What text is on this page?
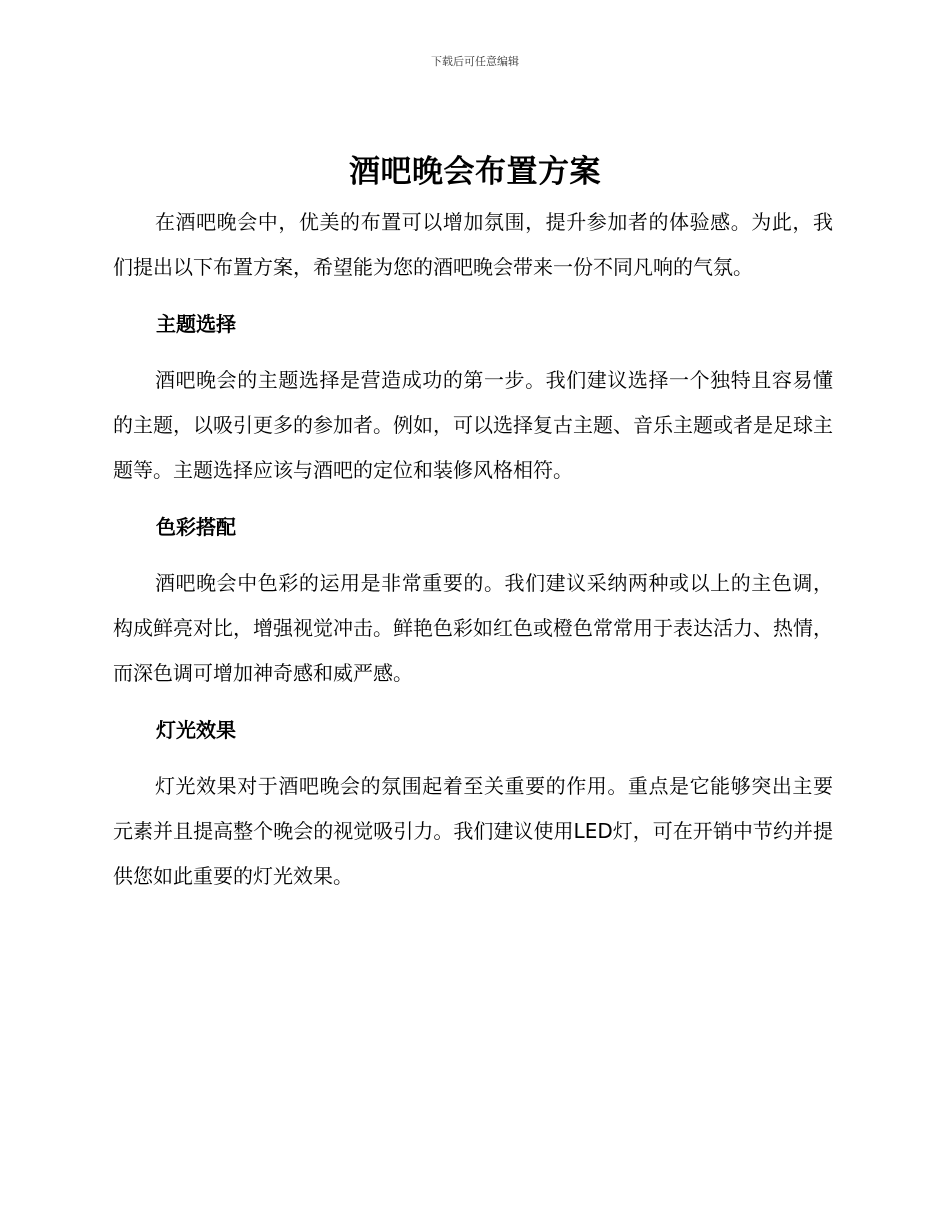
下载后可任意编辑
酒吧晚会布置方案

在酒吧晚会中，优美的布置可以增加氛围，提升参加者的体验感。为此，我们提出以下布置方案，希望能为您的酒吧晚会带来一份不同凡响的气氛。

主题选择

酒吧晚会的主题选择是营造成功的第一步。我们建议选择一个独特且容易懂的主题，以吸引更多的参加者。例如，可以选择复古主题、音乐主题或者是足球主题等。主题选择应该与酒吧的定位和装修风格相符。

色彩搭配

酒吧晚会中色彩的运用是非常重要的。我们建议采纳两种或以上的主色调，构成鲜亮对比，增强视觉冲击。鲜艳色彩如红色或橙色常常用于表达活力、热情，而深色调可增加神奇感和威严感。

灯光效果

灯光效果对于酒吧晚会的氛围起着至关重要的作用。重点是它能够突出主要元素并且提高整个晚会的视觉吸引力。我们建议使用LED灯，可在开销中节约并提供您如此重要的灯光效果。
